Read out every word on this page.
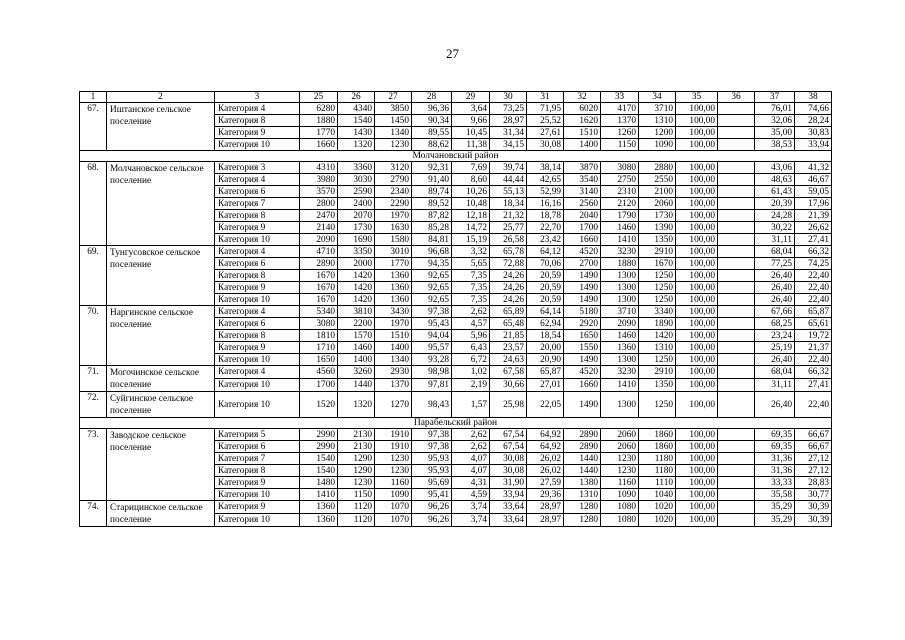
27
1	2	3	25	26	27	28	29	30	31	32	33	34	35	36	37	38
67.	Иштанское сельское поселение	Категория 4	6280	4340	3850	96,36	3,64	73,25	71,95	6020	4170	3710	100,00		76,01	74,66
		Категория 8	1880	1540	1450	90,34	9,66	28,97	25,52	1620	1370	1310	100,00		32,06	28,24
		Категория 9	1770	1430	1340	89,55	10,45	31,34	27,61	1510	1260	1200	100,00		35,00	30,83
		Категория 10	1660	1320	1230	88,62	11,38	34,15	30,08	1400	1150	1090	100,00		38,53	33,94
Молчановский район																
68.	Молчановское сельское поселение	Категория 3	4310	3360	3120	92,31	7,69	39,74	38,14	3870	3080	2880	100,00		43,06	41,32
		Категория 4	3980	3030	2790	91,40	8,60	44,44	42,65	3540	2750	2550	100,00		48,63	46,67
		Категория 6	3570	2590	2340	89,74	10,26	55,13	52,99	3140	2310	2100	100,00		61,43	59,05
		Категория 7	2800	2400	2290	89,52	10,48	18,34	16,16	2560	2120	2060	100,00		20,39	17,96
		Категория 8	2470	2070	1970	87,82	12,18	21,32	18,78	2040	1790	1730	100,00		24,28	21,39
		Категория 9	2140	1730	1630	85,28	14,72	25,77	22,70	1700	1460	1390	100,00		30,22	26,62
		Категория 10	2090	1690	1580	84,81	15,19	26,58	23,42	1660	1410	1350	100,00		31,11	27,41
69.	Тунгусовское сельское поселение	Категория 4	4710	3350	3010	96,68	3,32	65,78	64,12	4520	3230	2910	100,00		68,04	66,32
		Категория 6	2890	2000	1770	94,35	5,65	72,88	70,06	2700	1880	1670	100,00		77,25	74,25
		Категория 8	1670	1420	1360	92,65	7,35	24,26	20,59	1490	1300	1250	100,00		26,40	22,40
		Категория 9	1670	1420	1360	92,65	7,35	24,26	20,59	1490	1300	1250	100,00		26,40	22,40
		Категория 10	1670	1420	1360	92,65	7,35	24,26	20,59	1490	1300	1250	100,00		26,40	22,40
70.	Наргинское сельское поселение	Категория 4	5340	3810	3430	97,38	2,62	65,89	64,14	5180	3710	3340	100,00		67,66	65,87
		Категория 6	3080	2200	1970	95,43	4,57	65,48	62,94	2920	2090	1890	100,00		68,25	65,61
		Категория 8	1810	1570	1510	94,04	5,96	21,85	18,54	1650	1460	1420	100,00		23,24	19,72
		Категория 9	1710	1460	1400	95,57	6,43	23,57	20,00	1550	1360	1310	100,00		25,19	21,37
		Категория 10	1650	1400	1340	93,28	6,72	24,63	20,90	1490	1300	1250	100,00		26,40	22,40
71.	Могочинское сельское поселение	Категория 4	4560	3260	2930	98,98	1,02	67,58	65,87	4520	3230	2910	100,00		68,04	66,32
		Категория 10	1700	1440	1370	97,81	2,19	30,66	27,01	1660	1410	1350	100,00		31,11	27,41
72.	Суйгинское сельское поселение	Категория 10	1520	1320	1270	98,43	1,57	25,98	22,05	1490	1300	1250	100,00		26,40	22,40
Парабельский район																
73.	Заводское сельское поселение	Категория 5	2990	2130	1910	97,38	2,62	67,54	64,92	2890	2060	1860	100,00		69,35	66,67
		Категория 6	2990	2130	1910	97,38	2,62	67,54	64,92	2890	2060	1860	100,00		69,35	66,67
		Категория 7	1540	1290	1230	95,93	4,07	30,08	26,02	1440	1230	1180	100,00		31,36	27,12
		Категория 8	1540	1290	1230	95,93	4,07	30,08	26,02	1440	1230	1180	100,00		31,36	27,12
		Категория 9	1480	1230	1160	95,69	4,31	31,90	27,59	1380	1160	1110	100,00		33,33	28,83
		Категория 10	1410	1150	1090	95,41	4,59	33,94	29,36	1310	1090	1040	100,00		35,58	30,77
74.	Старицинское сельское поселение	Категория 9	1360	1120	1070	96,26	3,74	33,64	28,97	1280	1080	1020	100,00		35,29	30,39
		Категория 10	1360	1120	1070	96,26	3,74	33,64	28,97	1280	1080	1020	100,00		35,29	30,39
